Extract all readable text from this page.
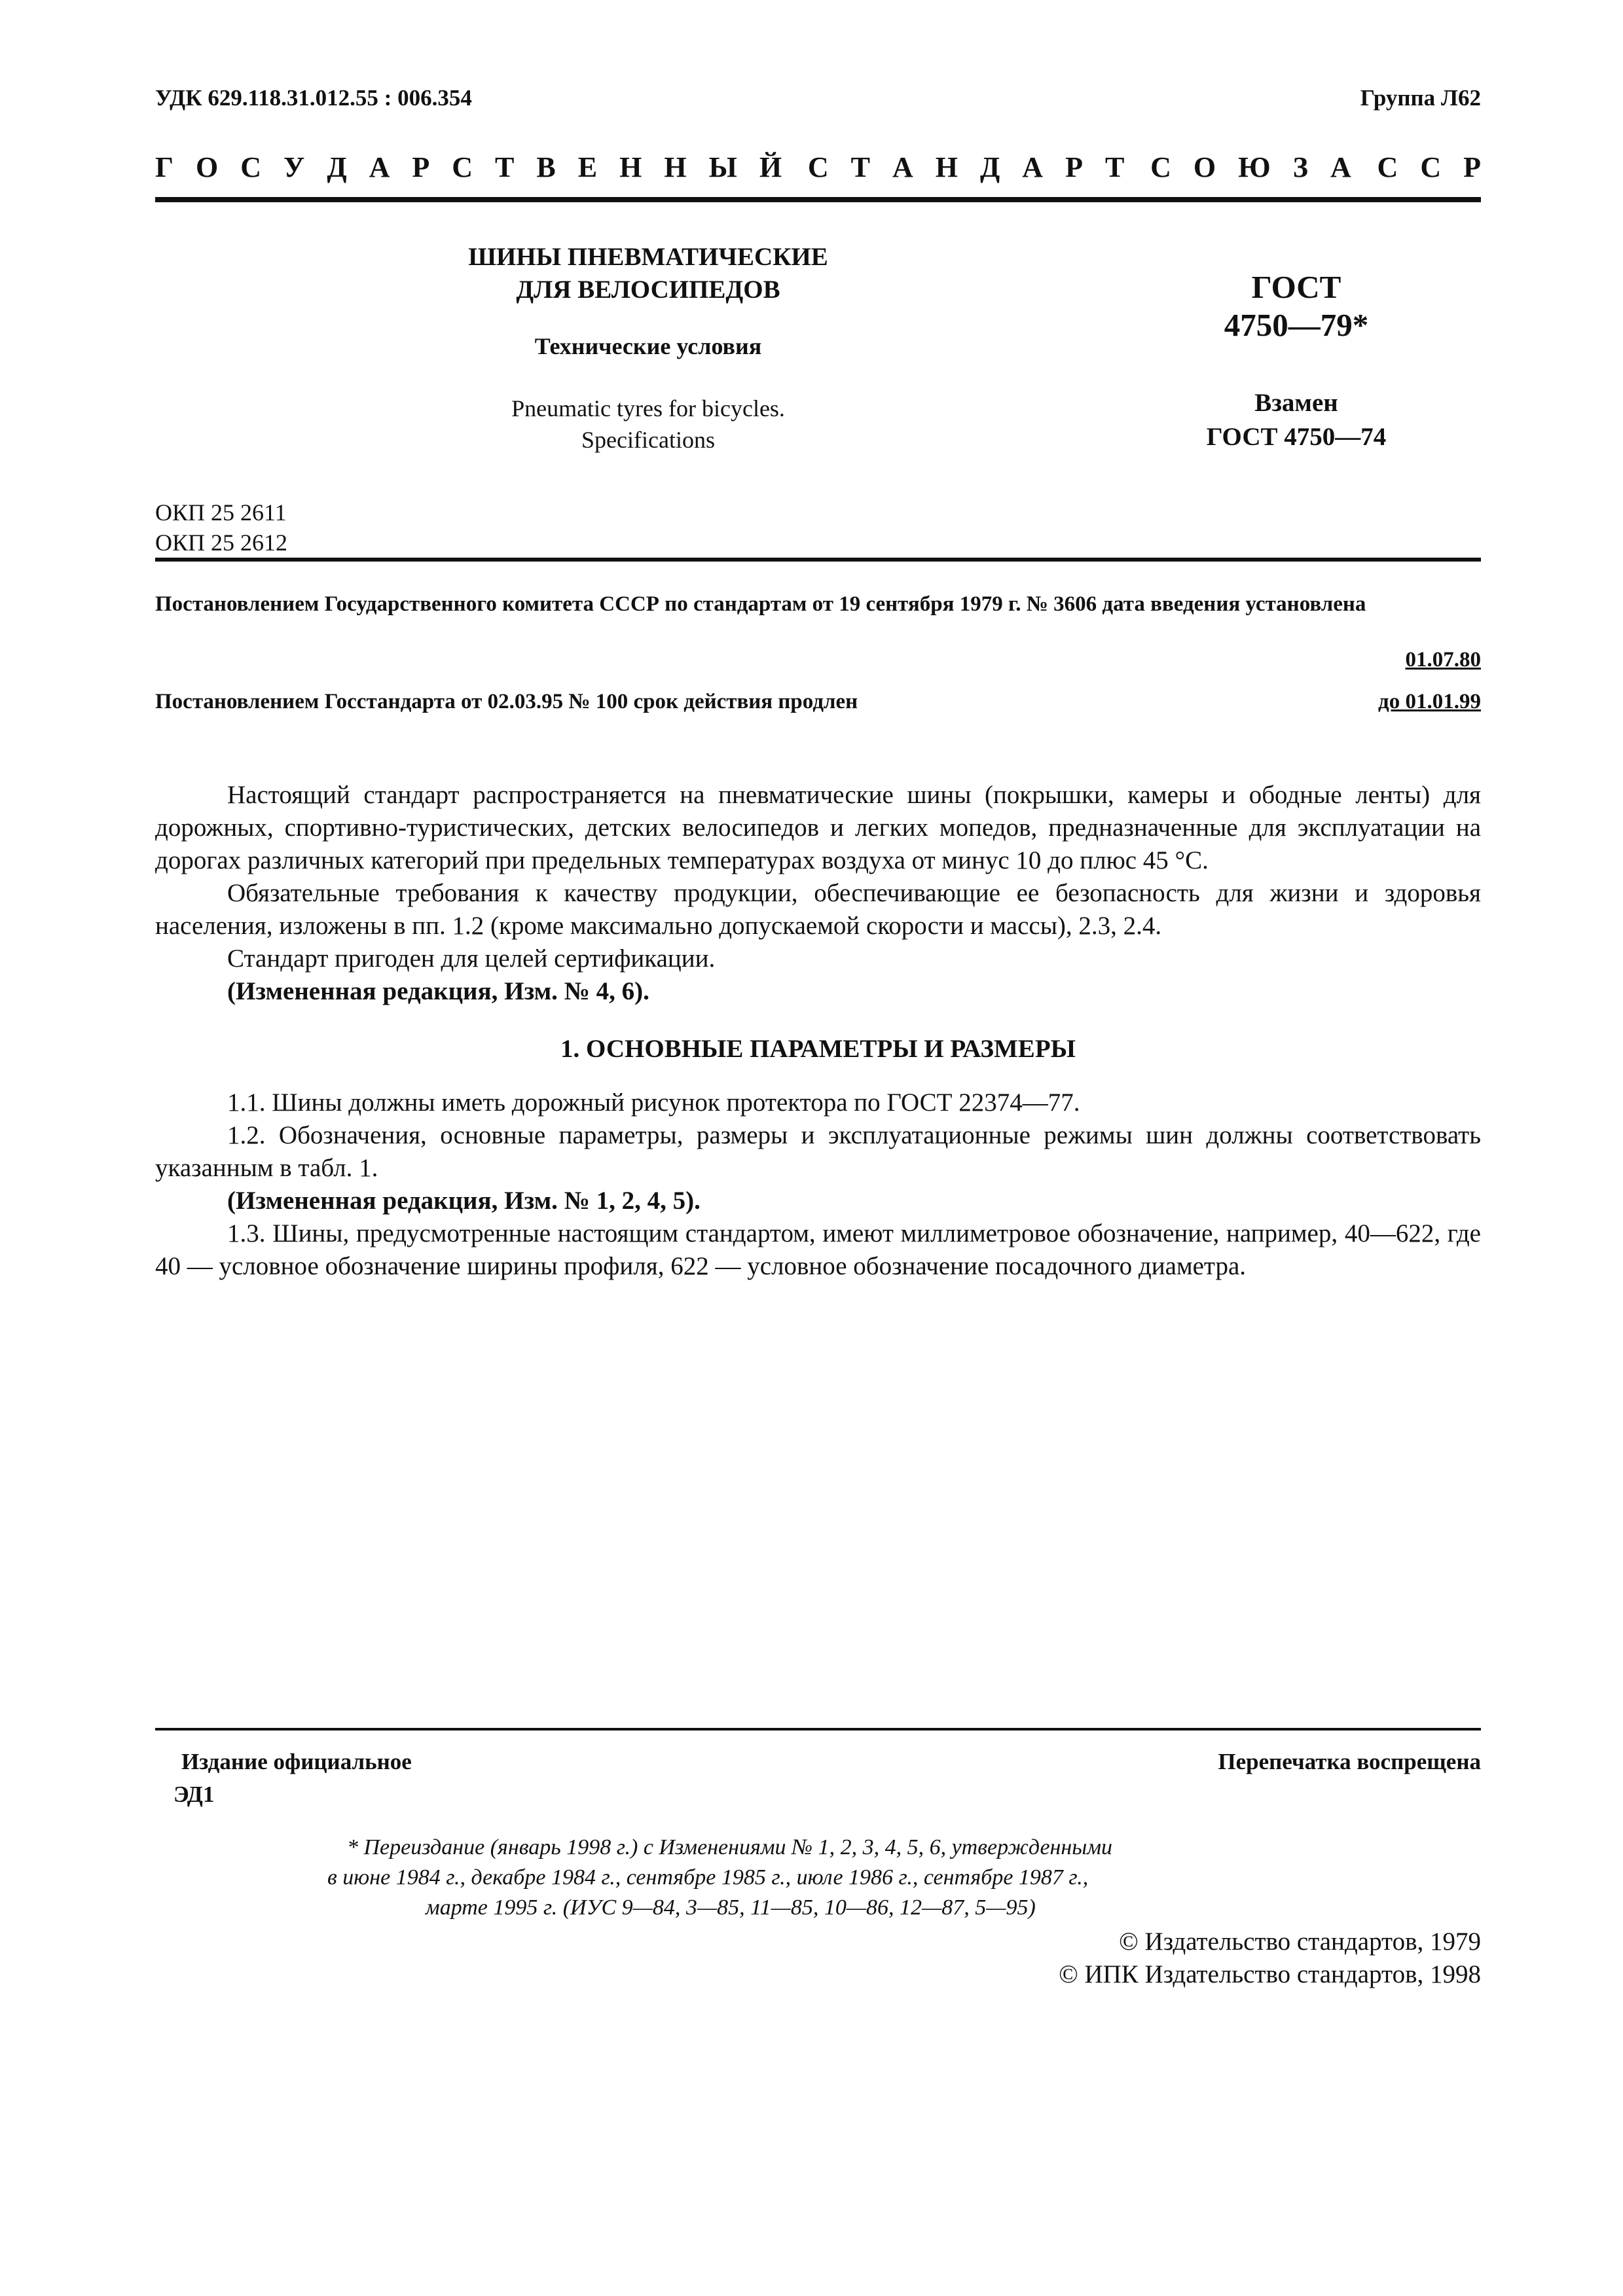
УДК 629.118.31.012.55 : 006.354	Группа Л62
Г О С У Д А Р С Т В Е Н Н Ы Й С Т А Н Д А Р Т С О Ю З А С С Р
ШИНЫ ПНЕВМАТИЧЕСКИЕ
ДЛЯ ВЕЛОСИПЕДОВ
Технические условия
Pneumatic tyres for bicycles.
Specifications
ГОСТ
4750—79*
Взамен
ГОСТ 4750—74
ОКП 25 2611
ОКП 25 2612
Постановлением Государственного комитета СССР по стандартам от 19 сентября 1979 г. № 3606 дата введения установлена
01.07.80
Постановлением Госстандарта от 02.03.95 № 100 срок действия продлен	до 01.01.99

Настоящий стандарт распространяется на пневматические шины (покрышки, камеры и ободные ленты) для дорожных, спортивно-туристических, детских велосипедов и легких мопедов, предназначенные для эксплуатации на дорогах различных категорий при предельных температурах воздуха от минус 10 до плюс 45 °С.

Обязательные требования к качеству продукции, обеспечивающие ее безопасность для жизни и здоровья населения, изложены в пп. 1.2 (кроме максимально допускаемой скорости и массы), 2.3, 2.4.

Стандарт пригоден для целей сертификации.

(Измененная редакция, Изм. № 4, 6).

1. ОСНОВНЫЕ ПАРАМЕТРЫ И РАЗМЕРЫ

1.1. Шины должны иметь дорожный рисунок протектора по ГОСТ 22374—77.

1.2. Обозначения, основные параметры, размеры и эксплуатационные режимы шин должны соответствовать указанным в табл. 1.

(Измененная редакция, Изм. № 1, 2, 4, 5).

1.3. Шины, предусмотренные настоящим стандартом, имеют миллиметровое обозначение, например, 40—622, где 40 — условное обозначение ширины профиля, 622 — условное обозначение посадочного диаметра.

Издание официальное	Перепечатка воспрещена
ЭД1
* Переиздание (январь 1998 г.) с Изменениями № 1, 2, 3, 4, 5, 6, утвержденными
в июне 1984 г., декабре 1984 г., сентябре 1985 г., июле 1986 г., сентябре 1987 г.,
марте 1995 г. (ИУС 9—84, 3—85, 11—85, 10—86, 12—87, 5—95)
© Издательство стандартов, 1979
© ИПК Издательство стандартов, 1998
